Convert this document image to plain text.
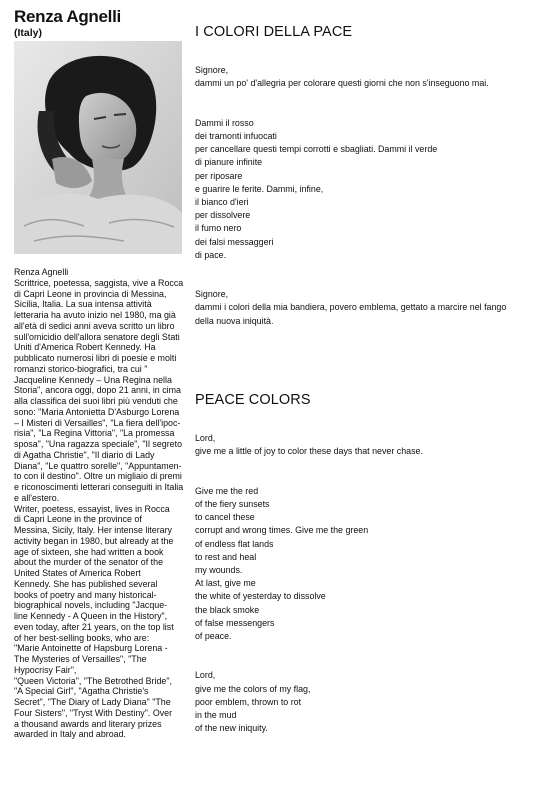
Renza Agnelli
(Italy)
Renza Agnelli
Scrittrice, poetessa, saggista, vive a Rocca
di Capri Leone in provincia di Messina,
Sicilia, Italia. La sua intensa attività
letteraria ha avuto inizio nel 1980, ma già
all'età di sedici anni aveva scritto un libro
sull'omicidio dell'allora senatore degli Stati
Uniti d'America Robert Kennedy. Ha
pubblicato numerosi libri di poesie e molti
romanzi storico-biografici, tra cui "
Jacqueline Kennedy – Una Regina nella
Storia", ancora oggi, dopo 21 anni, in cima
alla classifica dei suoi libri più venduti che
sono: "Maria Antonietta D'Asburgo Lorena
– I Misteri di Versailles", "La fiera dell'ipoc-
risia", "La Regina Vittoria", "La promessa
sposa", "Una ragazza speciale", "Il segreto
di Agatha Christie", "Il diario di Lady
Diana", "Le quattro sorelle", "Appuntamen-
to con il destino". Oltre un migliaio di premi
e riconoscimenti letterari conseguiti in Italia
e all'estero.
Writer, poetess, essayist, lives in Rocca
di Capri Leone in the province of
Messina, Sicily, Italy. Her intense literary
activity began in 1980, but already at the
age of sixteen, she had written a book
about the murder of the senator of the
United States of America Robert
Kennedy. She has published several
books of poetry and many historical-
biographical novels, including "Jacque-
line Kennedy - A Queen in the History",
even today, after 21 years, on the top list
of her best-selling books, who are:
"Marie Antoinette of Hapsburg Lorena -
The Mysteries of Versailles", "The
Hypocrisy Fair",
"Queen Victoria", "The Betrothed Bride",
"A Special Girl", "Agatha Christie's
Secret", "The Diary of Lady Diana" "The
Four Sisters", "Tryst With Destiny". Over
a thousand awards and literary prizes
awarded in Italy and abroad.
I COLORI DELLA PACE

Signore,
dammi un po' d'allegria per colorare questi giorni che non s'inseguono mai.

Dammi il rosso
dei tramonti infuocati
per cancellare questi tempi corrotti e sbagliati. Dammi il verde
di pianure infinite
per riposare
e guarire le ferite. Dammi, infine,
il bianco d'ieri
per dissolvere
il fumo nero
dei falsi messaggeri
di pace.

Signore,
dammi i colori della mia bandiera, povero emblema, gettato a marcire nel fango
della nuova iniquità.

PEACE COLORS

Lord,
give me a little of joy to color these days that never chase.

Give me the red
of the fiery sunsets
to cancel these
corrupt and wrong times. Give me the green
of endless flat lands
to rest and heal
my wounds.
At last, give me
the white of yesterday to dissolve
the black smoke
of false messengers
of peace.

Lord,
give me the colors of my flag,
poor emblem, thrown to rot
in the mud
of the new iniquity.
